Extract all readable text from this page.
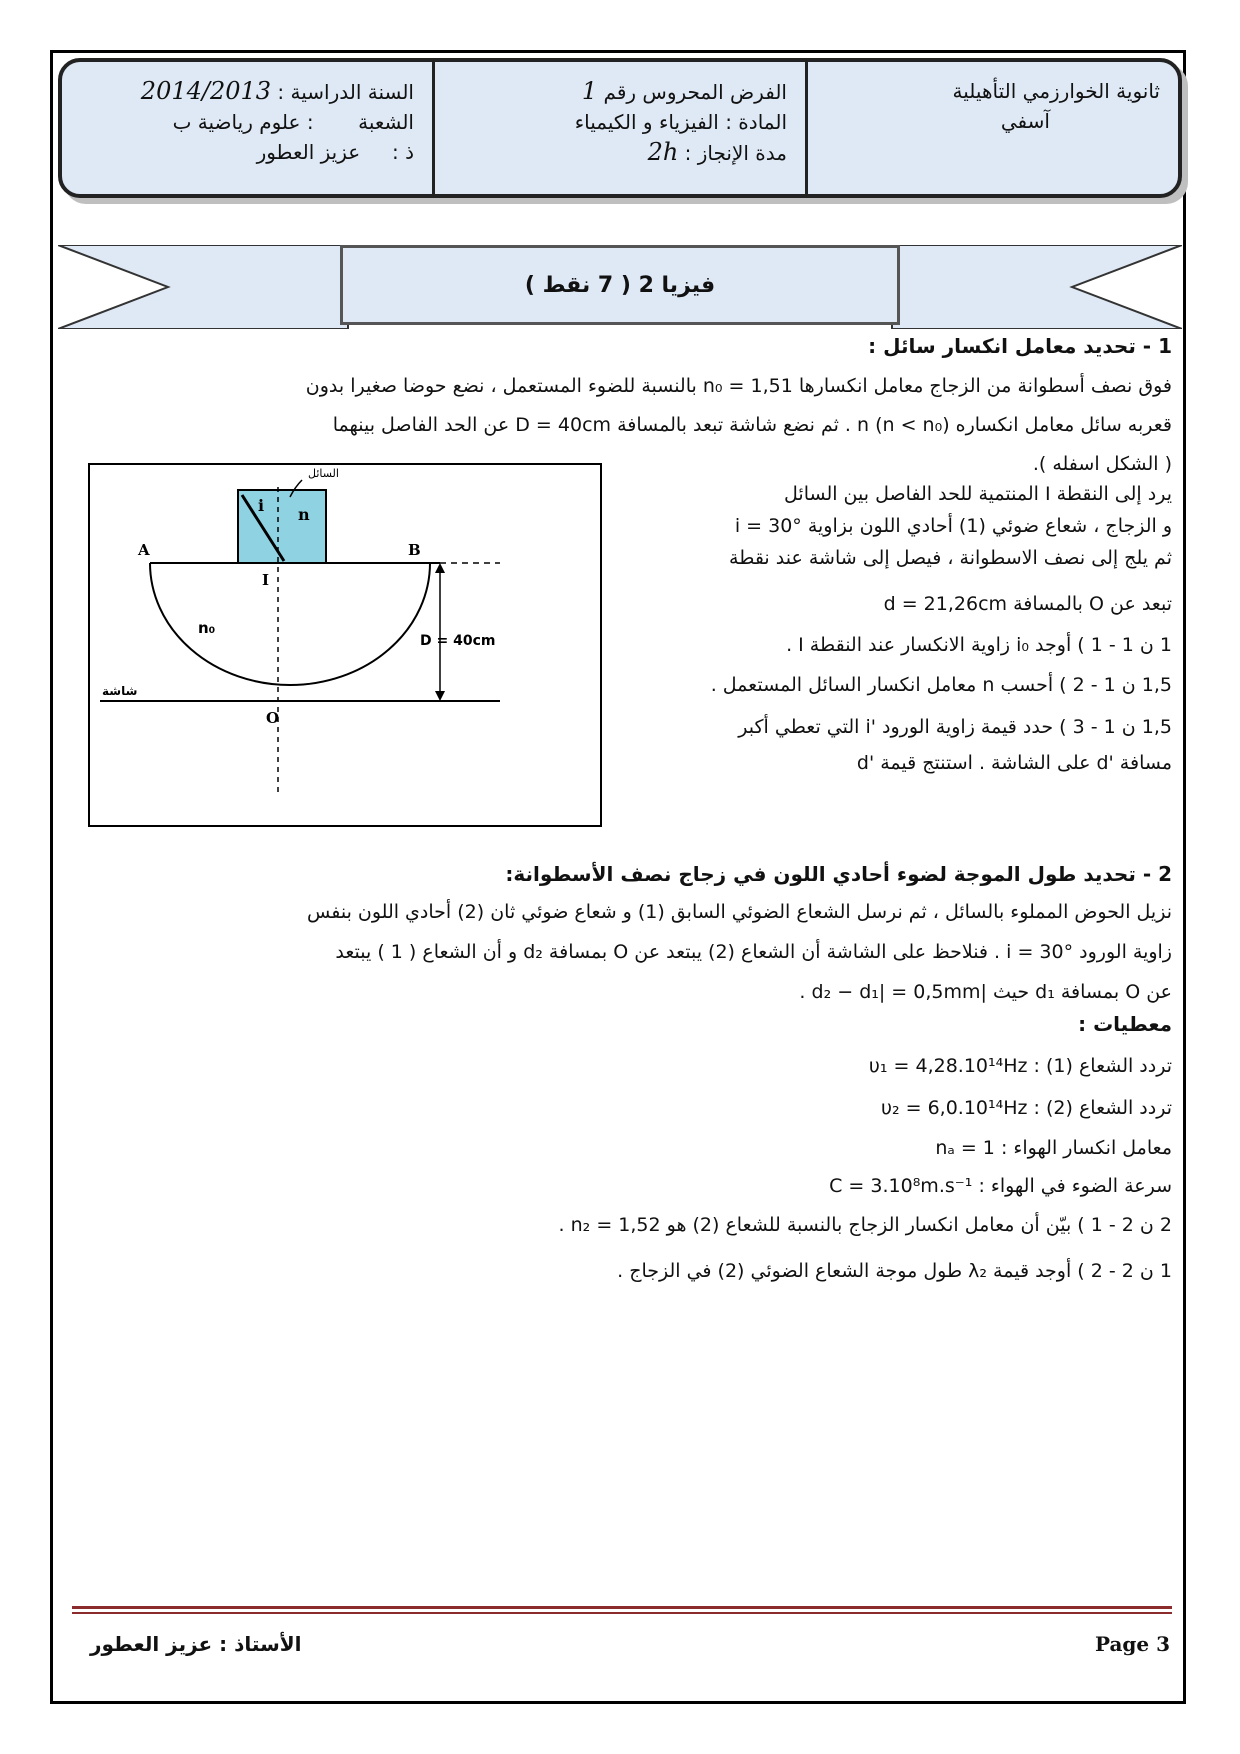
السنة الدراسية : 2014/2013
الشعبة       : علوم رياضية ب
ذ :     عزيز العطور
الفرض المحروس رقم 1
المادة : الفيزياء و الكيمياء
مدة الإنجاز : 2h
ثانوية الخوارزمي التأهيلية
آسفي
فيزيا 2 ( 7 نقط )
1 - تحديد معامل انكسار سائل :
فوق نصف أسطوانة من الزجاج معامل انكسارها n₀ = 1,51 بالنسبة للضوء المستعمل ، نضع حوضا صغيرا بدون
قعربه سائل معامل انكساره n (n < n₀) . ثم نضع شاشة تبعد بالمسافة D = 40cm عن الحد الفاصل بينهما
( الشكل اسفله ).
يرد إلى النقطة I المنتمية للحد الفاصل بين السائل
و الزجاج ، شعاع ضوئي (1) أحادي اللون بزاوية i = 30°
ثم يلج إلى نصف الاسطوانة ، فيصل إلى شاشة عند نقطة
تبعد عن O بالمسافة d = 21,26cm
1 ن 1 - 1 ) أوجد i₀ زاوية الانكسار عند النقطة I .
1,5 ن 1 - 2 ) أحسب n معامل انكسار السائل المستعمل .
1,5 ن 1 - 3 ) حدد قيمة زاوية الورود 'i التي تعطي أكبر
مسافة 'd على الشاشة . استنتج قيمة 'd
السائل
i n
A	B
I
n₀
D = 40cm
شاشة
O
2 - تحديد طول الموجة لضوء أحادي اللون في زجاج نصف الأسطوانة:
نزيل الحوض المملوء بالسائل ، ثم نرسل الشعاع الضوئي السابق (1) و شعاع ضوئي ثان (2) أحادي اللون بنفس
زاوية الورود i = 30° . فنلاحظ على الشاشة أن الشعاع (2) يبتعد عن O بمسافة d₂ و أن الشعاع ( 1 ) يبتعد
عن O بمسافة d₁ حيث |d₂ − d₁| = 0,5mm .
معطيات :
تردد الشعاع (1) : υ₁ = 4,28.10¹⁴Hz
تردد الشعاع (2) : υ₂ = 6,0.10¹⁴Hz
معامل انكسار الهواء : nₐ = 1
سرعة الضوء في الهواء : C = 3.10⁸m.s⁻¹
2 ن 2 - 1 ) بيّن أن معامل انكسار الزجاج بالنسبة للشعاع (2) هو n₂ = 1,52 .
1 ن 2 - 2 ) أوجد قيمة λ₂ طول موجة الشعاع الضوئي (2) في الزجاج .
الأستاذ : عزيز العطور	Page 3
